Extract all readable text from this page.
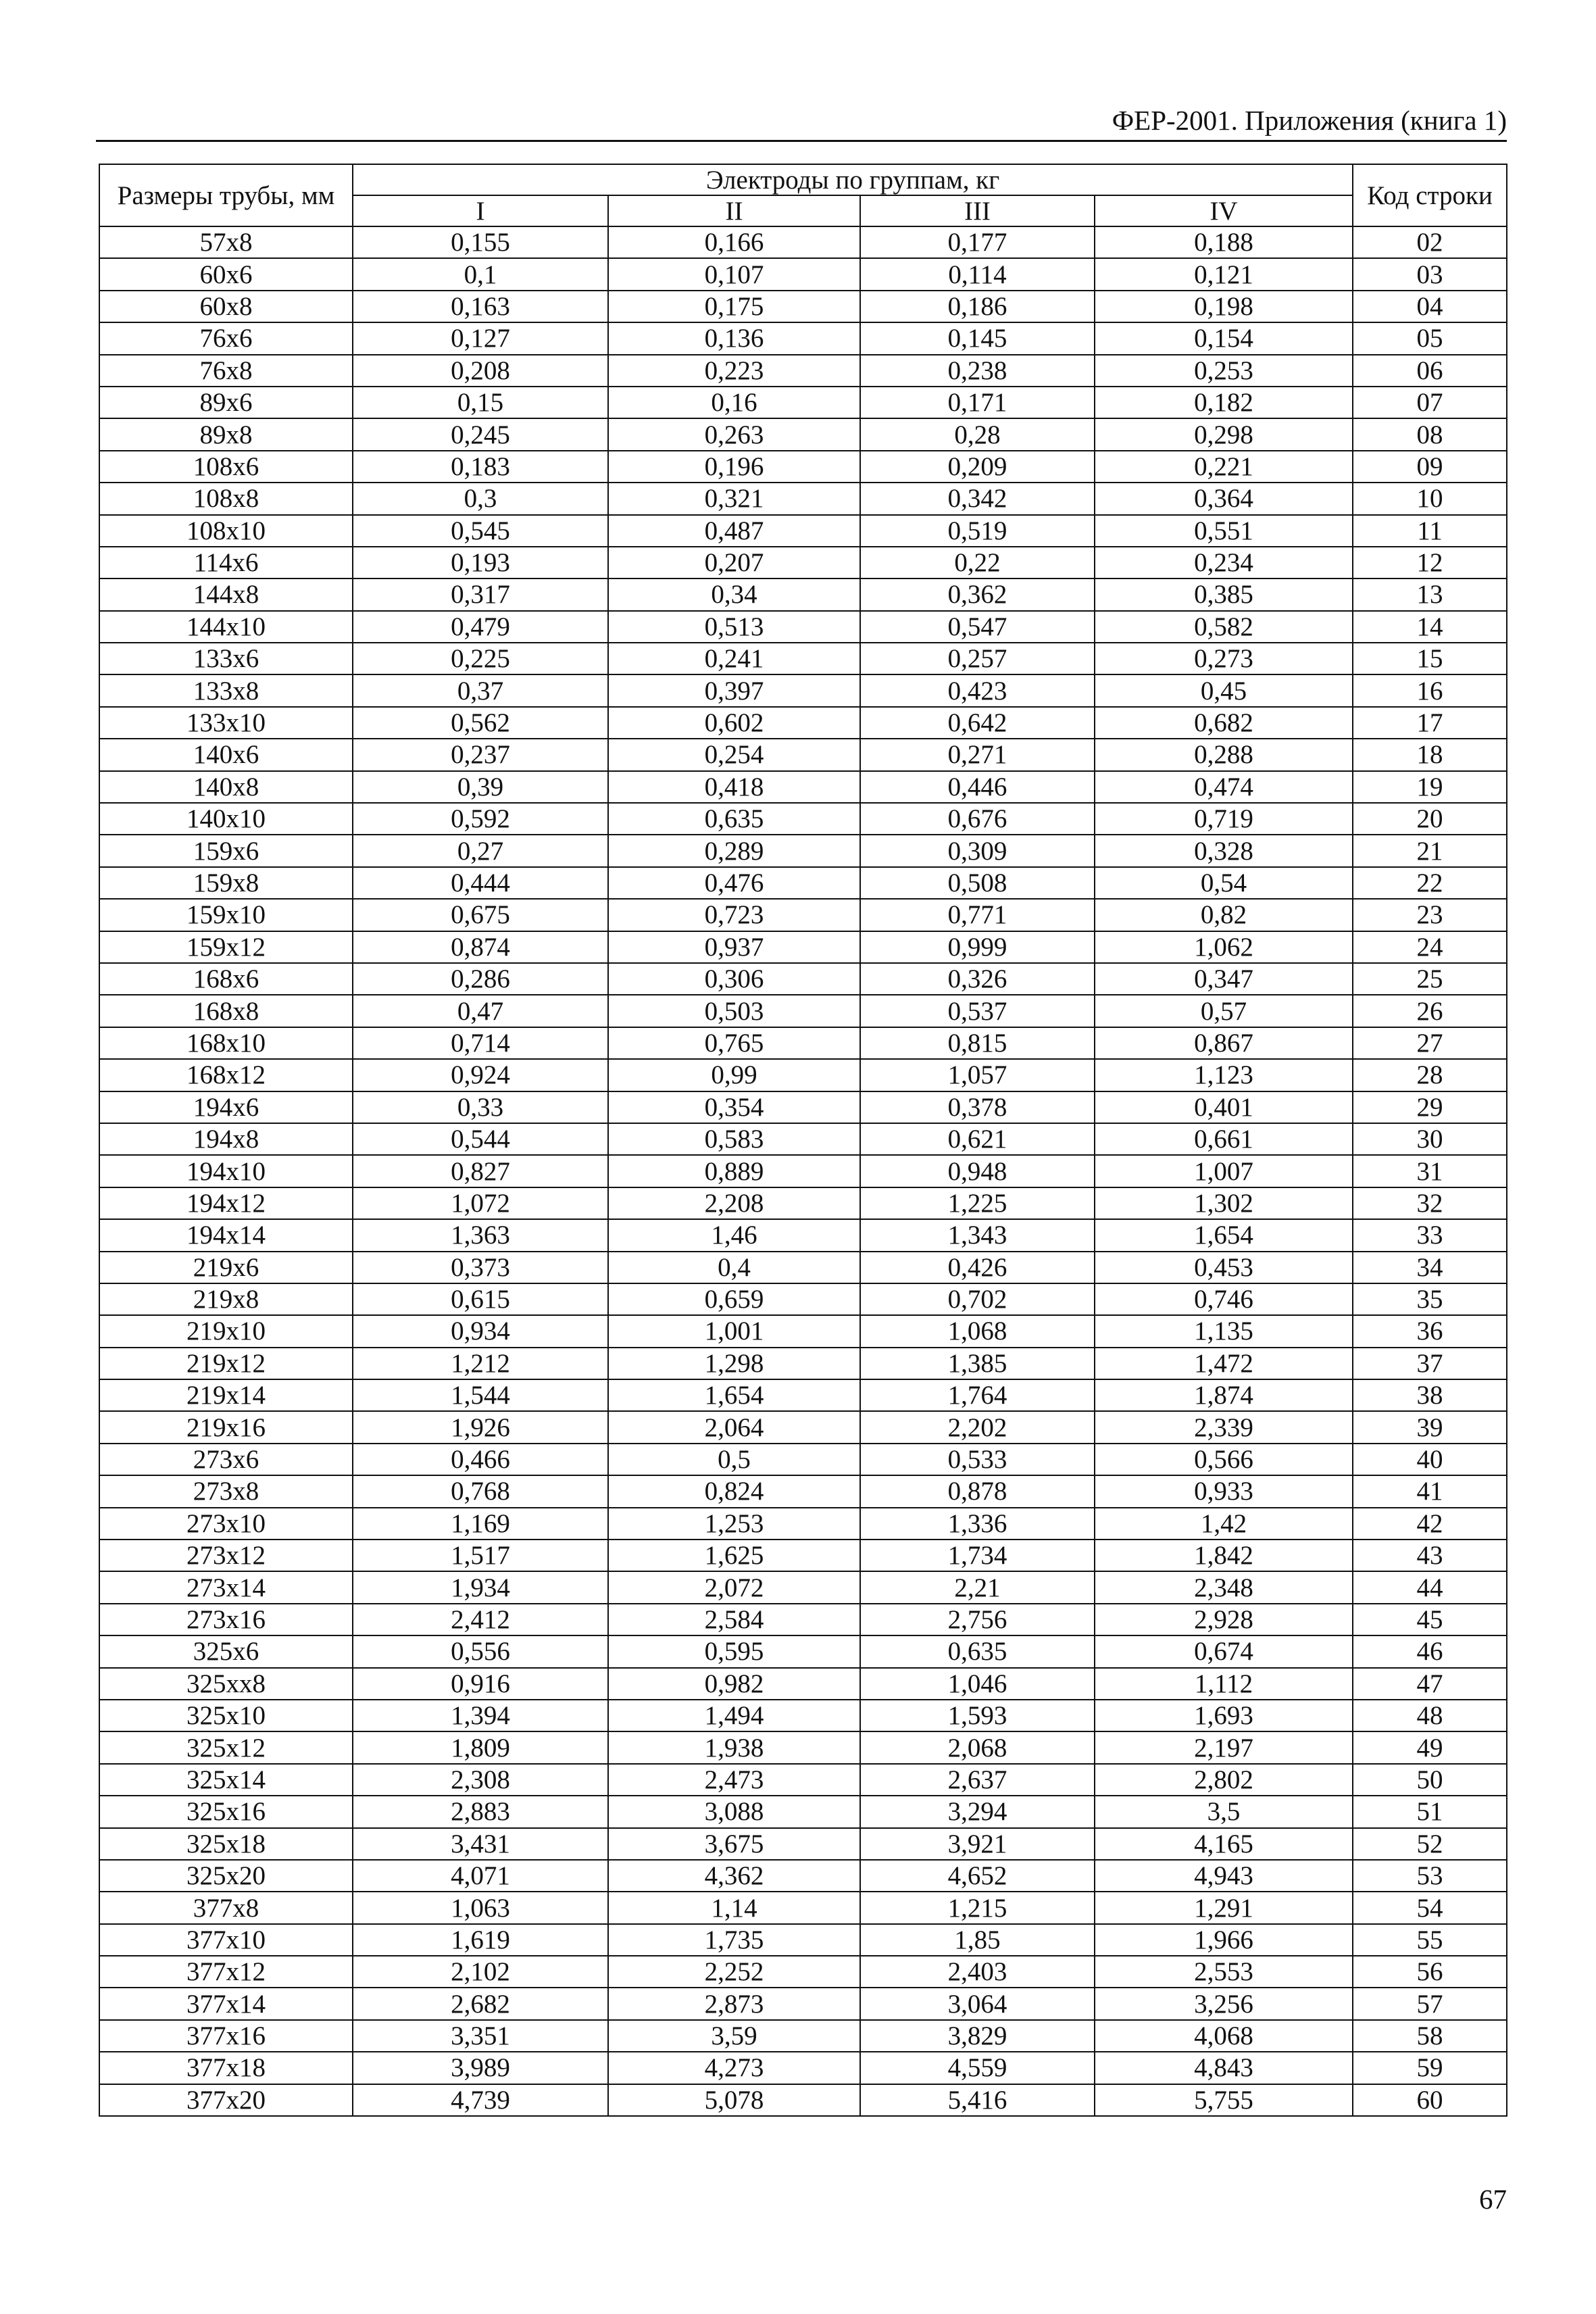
ФЕР-2001. Приложения (книга 1)
Размеры трубы, мм	Электроды по группам, кг				Код строки
	I	II	III	IV	
57х8	0,155	0,166	0,177	0,188	02
60х6	0,1	0,107	0,114	0,121	03
60х8	0,163	0,175	0,186	0,198	04
76х6	0,127	0,136	0,145	0,154	05
76х8	0,208	0,223	0,238	0,253	06
89х6	0,15	0,16	0,171	0,182	07
89х8	0,245	0,263	0,28	0,298	08
108х6	0,183	0,196	0,209	0,221	09
108х8	0,3	0,321	0,342	0,364	10
108х10	0,545	0,487	0,519	0,551	11
114х6	0,193	0,207	0,22	0,234	12
144х8	0,317	0,34	0,362	0,385	13
144х10	0,479	0,513	0,547	0,582	14
133х6	0,225	0,241	0,257	0,273	15
133х8	0,37	0,397	0,423	0,45	16
133х10	0,562	0,602	0,642	0,682	17
140х6	0,237	0,254	0,271	0,288	18
140х8	0,39	0,418	0,446	0,474	19
140х10	0,592	0,635	0,676	0,719	20
159х6	0,27	0,289	0,309	0,328	21
159х8	0,444	0,476	0,508	0,54	22
159х10	0,675	0,723	0,771	0,82	23
159х12	0,874	0,937	0,999	1,062	24
168х6	0,286	0,306	0,326	0,347	25
168х8	0,47	0,503	0,537	0,57	26
168х10	0,714	0,765	0,815	0,867	27
168х12	0,924	0,99	1,057	1,123	28
194х6	0,33	0,354	0,378	0,401	29
194х8	0,544	0,583	0,621	0,661	30
194х10	0,827	0,889	0,948	1,007	31
194х12	1,072	2,208	1,225	1,302	32
194х14	1,363	1,46	1,343	1,654	33
219х6	0,373	0,4	0,426	0,453	34
219х8	0,615	0,659	0,702	0,746	35
219х10	0,934	1,001	1,068	1,135	36
219х12	1,212	1,298	1,385	1,472	37
219х14	1,544	1,654	1,764	1,874	38
219х16	1,926	2,064	2,202	2,339	39
273х6	0,466	0,5	0,533	0,566	40
273х8	0,768	0,824	0,878	0,933	41
273х10	1,169	1,253	1,336	1,42	42
273х12	1,517	1,625	1,734	1,842	43
273х14	1,934	2,072	2,21	2,348	44
273х16	2,412	2,584	2,756	2,928	45
325х6	0,556	0,595	0,635	0,674	46
325хх8	0,916	0,982	1,046	1,112	47
325х10	1,394	1,494	1,593	1,693	48
325х12	1,809	1,938	2,068	2,197	49
325х14	2,308	2,473	2,637	2,802	50
325х16	2,883	3,088	3,294	3,5	51
325х18	3,431	3,675	3,921	4,165	52
325х20	4,071	4,362	4,652	4,943	53
377х8	1,063	1,14	1,215	1,291	54
377х10	1,619	1,735	1,85	1,966	55
377х12	2,102	2,252	2,403	2,553	56
377х14	2,682	2,873	3,064	3,256	57
377х16	3,351	3,59	3,829	4,068	58
377х18	3,989	4,273	4,559	4,843	59
377х20	4,739	5,078	5,416	5,755	60
67
